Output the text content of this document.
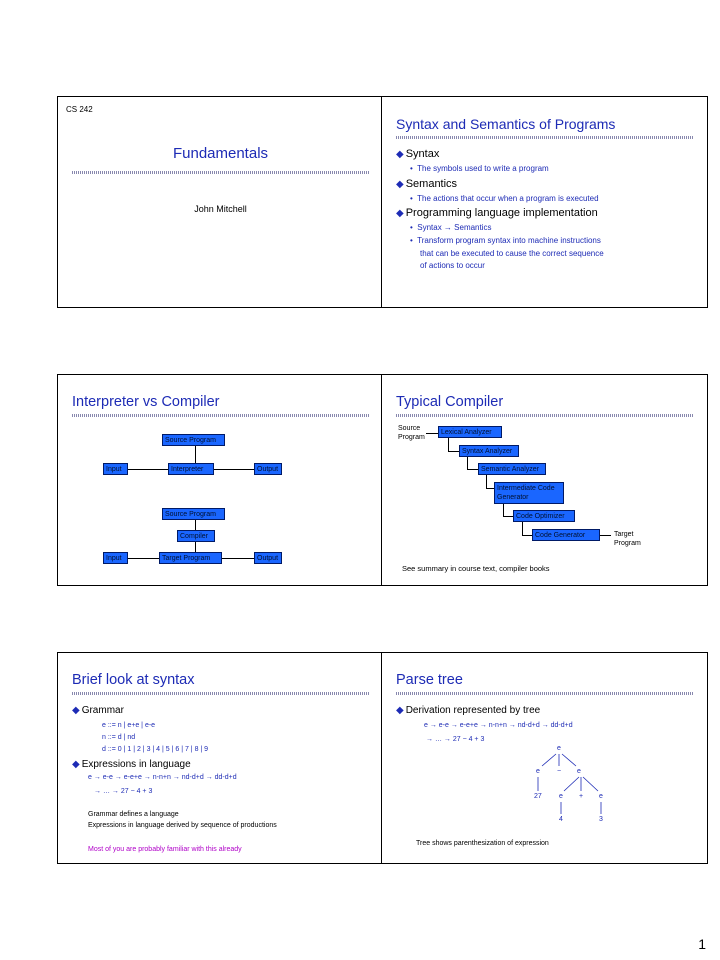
CS 242
Fundamentals
John Mitchell
Syntax and Semantics of Programs
◆ Syntax
•  The symbols used to write a program
◆ Semantics
•  The actions that occur when a program is executed
◆ Programming language implementation
•  Syntax → Semantics
•  Transform program syntax into machine instructions
that can be executed to cause the correct sequence
of actions to occur
Interpreter vs Compiler
Source Program
Input	Interpreter	Output
Source Program
Compiler
Input	Target Program	Output
Typical Compiler
Source
Program
Lexical Analyzer
Syntax Analyzer
Semantic Analyzer
Intermediate Code
Generator
Code Optimizer
Code Generator	Target
Program
See summary in course text, compiler books
Brief look at syntax
◆ Grammar
e ::= n | e+e | e-e
n ::= d | nd
d ::= 0 | 1 | 2 | 3 | 4 | 5 | 6 | 7 | 8 | 9
◆ Expressions in language
e → e-e → e-e+e → n-n+n → nd-d+d → dd-d+d
→ … → 27 − 4 + 3
Grammar defines a language
Expressions in language derived by sequence of productions
Most of you are probably familiar with this already
Parse tree
◆ Derivation represented by tree
e → e-e → e-e+e → n-n+n → nd-d+d → dd-d+d
→ … → 27 − 4 + 3
e
e − e
27 e + e
4	3
Tree shows parenthesization of expression
1
